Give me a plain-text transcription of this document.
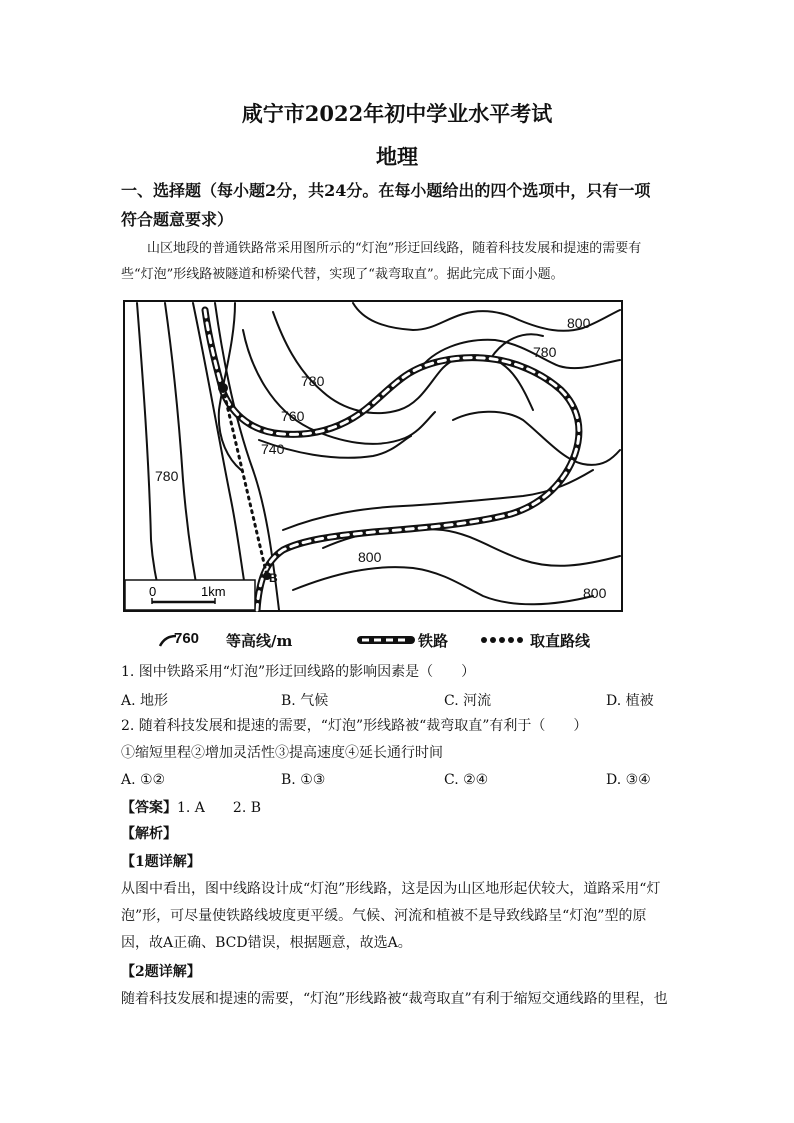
咸宁市2022年初中学业水平考试
地理
一、选择题（每小题2分，共24分。在每小题给出的四个选项中，只有一项
符合题意要求）
山区地段的普通铁路常采用图所示的“灯泡”形迂回线路，随着科技发展和提速的需要有些“灯泡”形线路被隧道和桥梁代替，实现了“裁弯取直”。据此完成下面小题。
800
780
780
760
740
780
800
800
B
0	1km
760 等高线/m	铁路	取直路线
1. 图中铁路采用“灯泡”形迂回线路的影响因素是（　　）
A. 地形	B. 气候	C. 河流	D. 植被
2. 随着科技发展和提速的需要，“灯泡”形线路被“裁弯取直”有利于（　　）
①缩短里程②增加灵活性③提高速度④延长通行时间
A. ①②	B. ①③	C. ②④	D. ③④
【答案】1. A　　2. B
【解析】
【1题详解】
从图中看出，图中线路设计成“灯泡”形线路，这是因为山区地形起伏较大，道路采用“灯泡”形，可尽量使铁路线坡度更平缓。气候、河流和植被不是导致线路呈“灯泡”型的原因，故A正确、BCD错误，根据题意，故选A。
【2题详解】
随着科技发展和提速的需要，“灯泡”形线路被“裁弯取直”有利于缩短交通线路的里程，也
